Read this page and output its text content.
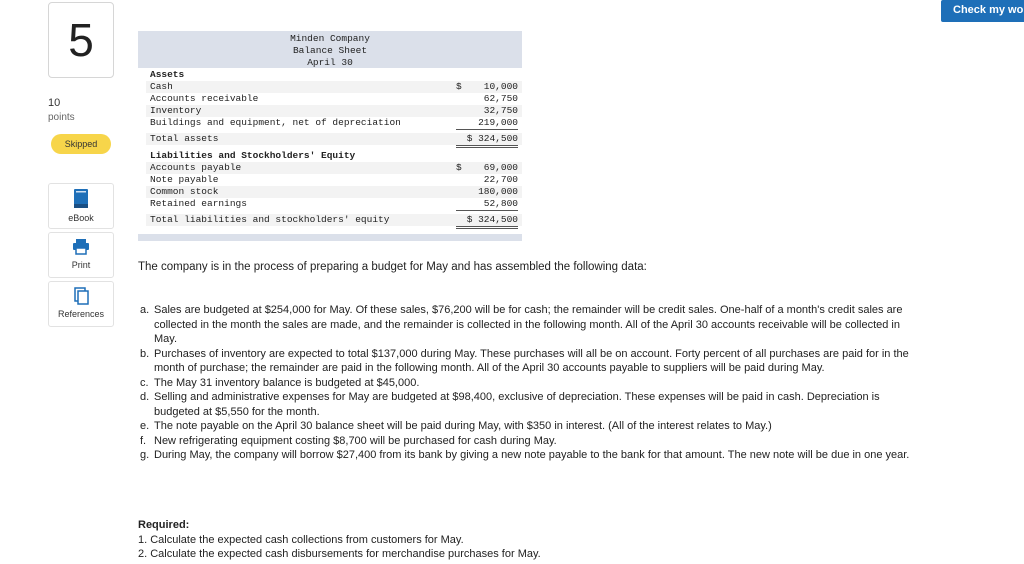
5
10
points
Skipped
eBook
Print
References
Check my wo
Minden Company
Balance Sheet
April 30
Assets
Cash	$	10,000
Accounts receivable	62,750
Inventory	32,750
Buildings and equipment, net of depreciation	219,000
Total assets	$ 324,500
Liabilities and Stockholders' Equity
Accounts payable	$	69,000
Note payable	22,700
Common stock	180,000
Retained earnings	52,800
Total liabilities and stockholders' equity	$ 324,500
The company is in the process of preparing a budget for May and has assembled the following data:
a. Sales are budgeted at $254,000 for May. Of these sales, $76,200 will be for cash; the remainder will be credit sales. One-half of a month's credit sales are collected in the month the sales are made, and the remainder is collected in the following month. All of the April 30 accounts receivable will be collected in May.
b. Purchases of inventory are expected to total $137,000 during May. These purchases will all be on account. Forty percent of all purchases are paid for in the month of purchase; the remainder are paid in the following month. All of the April 30 accounts payable to suppliers will be paid during May.
c. The May 31 inventory balance is budgeted at $45,000.
d. Selling and administrative expenses for May are budgeted at $98,400, exclusive of depreciation. These expenses will be paid in cash. Depreciation is budgeted at $5,550 for the month.
e. The note payable on the April 30 balance sheet will be paid during May, with $350 in interest. (All of the interest relates to May.)
f. New refrigerating equipment costing $8,700 will be purchased for cash during May.
g. During May, the company will borrow $27,400 from its bank by giving a new note payable to the bank for that amount. The new note will be due in one year.
Required:
1. Calculate the expected cash collections from customers for May.
2. Calculate the expected cash disbursements for merchandise purchases for May.
